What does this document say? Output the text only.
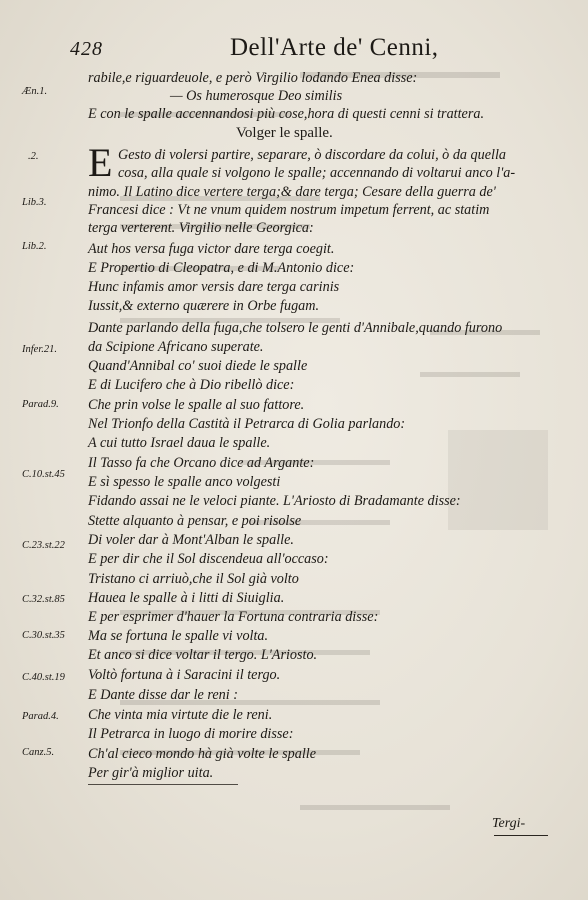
428	Dell'Arte de' Cenni,
Æn.1.
.2.
Lib.3.
Lib.2.
Infer.21.
Parad.9.
C.10.st.45
C.23.st.22
C.32.st.85
C.30.st.35
C.40.st.19
Parad.4.
Canz.5.
rabile,e riguardeuole, e però Virgilio lodando Enea disse:
— Os humerosque Deo similis
E con le spalle accennandosi più cose,hora di questi cenni si trattera.
Volger le spalle.
E Gesto di volersi partire, separare, ò discordare da colui, ò da quella
cosa, alla quale si volgono le spalle; accennando di voltarui anco l'a-
nimo. Il Latino dice vertere terga;& dare terga; Cesare della guerra de'
Francesi dice : Vt ne vnum quidem nostrum impetum ferrent, ac statim
terga verterent. Virgilio nelle Georgica:
Aut hos versa fuga victor dare terga coegit.
E Propertio di Cleopatra, e di M.Antonio dice:
Hunc infamis amor versis dare terga carinis
Iussit,& externo quærere in Orbe fugam.
Dante parlando della fuga,che tolsero le genti d'Annibale,quando furono
da Scipione Africano superate.
Quand'Annibal co' suoi diede le spalle
E di Lucifero che à Dio ribellò dice:
Che prin volse le spalle al suo fattore.
Nel Trionfo della Castità il Petrarca di Golia parlando:
A cui tutto Israel daua le spalle.
Il Tasso fa che Orcano dice ad Argante:
E sì spesso le spalle anco volgesti
Fidando assai ne le veloci piante. L'Ariosto di Bradamante disse:
Stette alquanto à pensar, e poi risolse
Di voler dar à Mont'Alban le spalle.
E per dir che il Sol discendeua all'occaso:
Tristano ci arriuò,che il Sol già volto
Hauea le spalle à i litti di Siuiglia.
E per esprimer d'hauer la Fortuna contraria disse:
Ma se fortuna le spalle vi volta.
Et anco si dice voltar il tergo. L'Ariosto.
Voltò fortuna à i Saracini il tergo.
E Dante disse dar le reni :
Che vinta mia virtute die le reni.
Il Petrarca in luogo di morire disse:
Ch'al cieco mondo hà già volte le spalle
Per gir'à miglior uita.
Tergi-
